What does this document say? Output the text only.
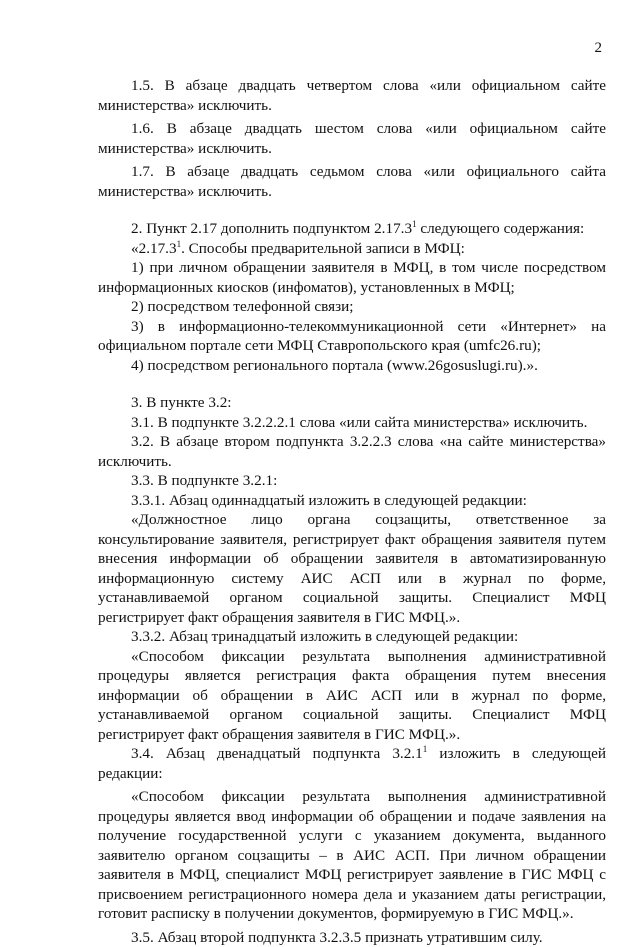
2

1.5. В абзаце двадцать четвертом слова «или официальном сайте министерства» исключить.

1.6. В абзаце двадцать шестом слова «или официальном сайте министерства» исключить.

1.7. В абзаце двадцать седьмом слова «или официального сайта министерства» исключить.

2. Пункт 2.17 дополнить подпунктом 2.17.3$^1$ следующего содержания:

«2.17.3$^1$. Способы предварительной записи в МФЦ:

1) при личном обращении заявителя в МФЦ, в том числе посредством информационных киосков (инфоматов), установленных в МФЦ;

2) посредством телефонной связи;

3) в информационно-телекоммуникационной сети «Интернет» на официальном портале сети МФЦ Ставропольского края (umfc26.ru);

4) посредством регионального портала (www.26gosuslugi.ru).».

3. В пункте 3.2:

3.1. В подпункте 3.2.2.2.1 слова «или сайта министерства» исключить.

3.2. В абзаце втором подпункта 3.2.2.3 слова «на сайте министерства» исключить.

3.3. В подпункте 3.2.1:

3.3.1. Абзац одиннадцатый изложить в следующей редакции:

«Должностное лицо органа соцзащиты, ответственное за консультирование заявителя, регистрирует факт обращения заявителя путем внесения информации об обращении заявителя в автоматизированную информационную систему АИС АСП или в журнал по форме, устанавливаемой органом социальной защиты. Специалист МФЦ регистрирует факт обращения заявителя в ГИС МФЦ.».

3.3.2. Абзац тринадцатый изложить в следующей редакции:

«Способом фиксации результата выполнения административной процедуры является регистрация факта обращения путем внесения информации об обращении в АИС АСП или в журнал по форме, устанавливаемой органом социальной защиты. Специалист МФЦ регистрирует факт обращения заявителя в ГИС МФЦ.».

3.4. Абзац двенадцатый подпункта 3.2.1$^1$ изложить в следующей редакции:

«Способом фиксации результата выполнения административной процедуры является ввод информации об обращении и подаче заявления на получение государственной услуги с указанием документа, выданного заявителю органом соцзащиты – в АИС АСП. При личном обращении заявителя в МФЦ, специалист МФЦ регистрирует заявление в ГИС МФЦ с присвоением регистрационного номера дела и указанием даты регистрации, готовит расписку в получении документов, формируемую в ГИС МФЦ.».

3.5. Абзац второй подпункта 3.2.3.5 признать утратившим силу.
